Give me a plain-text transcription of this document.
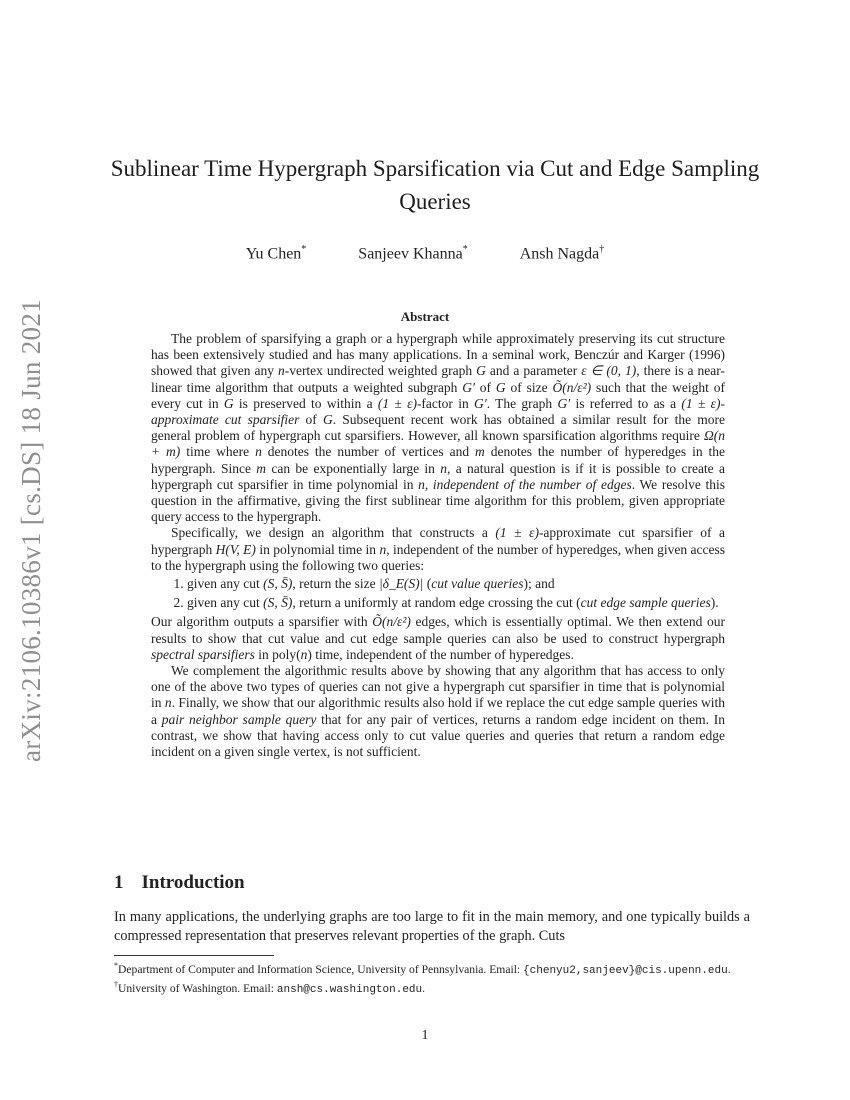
arXiv:2106.10386v1 [cs.DS] 18 Jun 2021
Sublinear Time Hypergraph Sparsification via Cut and Edge Sampling Queries
Yu Chen*	Sanjeev Khanna*	Ansh Nagda†
Abstract

The problem of sparsifying a graph or a hypergraph while approximately preserving its cut structure has been extensively studied and has many applications. In a seminal work, Benczúr and Karger (1996) showed that given any n-vertex undirected weighted graph G and a parameter ε ∈ (0, 1), there is a near-linear time algorithm that outputs a weighted subgraph G′ of G of size Õ(n/ε²) such that the weight of every cut in G is preserved to within a (1 ± ε)-factor in G′. The graph G′ is referred to as a (1 ± ε)-approximate cut sparsifier of G. Subsequent recent work has obtained a similar result for the more general problem of hypergraph cut sparsifiers. However, all known sparsification algorithms require Ω(n + m) time where n denotes the number of vertices and m denotes the number of hyperedges in the hypergraph. Since m can be exponentially large in n, a natural question is if it is possible to create a hypergraph cut sparsifier in time polynomial in n, independent of the number of edges. We resolve this question in the affirmative, giving the first sublinear time algorithm for this problem, given appropriate query access to the hypergraph.

Specifically, we design an algorithm that constructs a (1 ± ε)-approximate cut sparsifier of a hypergraph H(V, E) in polynomial time in n, independent of the number of hyperedges, when given access to the hypergraph using the following two queries:

1. given any cut (S, S̄), return the size |δ_E(S)| (cut value queries); and
2. given any cut (S, S̄), return a uniformly at random edge crossing the cut (cut edge sample queries).

Our algorithm outputs a sparsifier with Õ(n/ε²) edges, which is essentially optimal. We then extend our results to show that cut value and cut edge sample queries can also be used to construct hypergraph spectral sparsifiers in poly(n) time, independent of the number of hyperedges.

We complement the algorithmic results above by showing that any algorithm that has access to only one of the above two types of queries can not give a hypergraph cut sparsifier in time that is polynomial in n. Finally, we show that our algorithmic results also hold if we replace the cut edge sample queries with a pair neighbor sample query that for any pair of vertices, returns a random edge incident on them. In contrast, we show that having access only to cut value queries and queries that return a random edge incident on a given single vertex, is not sufficient.

1 Introduction

In many applications, the underlying graphs are too large to fit in the main memory, and one typically builds a compressed representation that preserves relevant properties of the graph. Cuts

*Department of Computer and Information Science, University of Pennsylvania. Email: {chenyu2,sanjeev}@cis.upenn.edu.

†University of Washington. Email: ansh@cs.washington.edu.

1
